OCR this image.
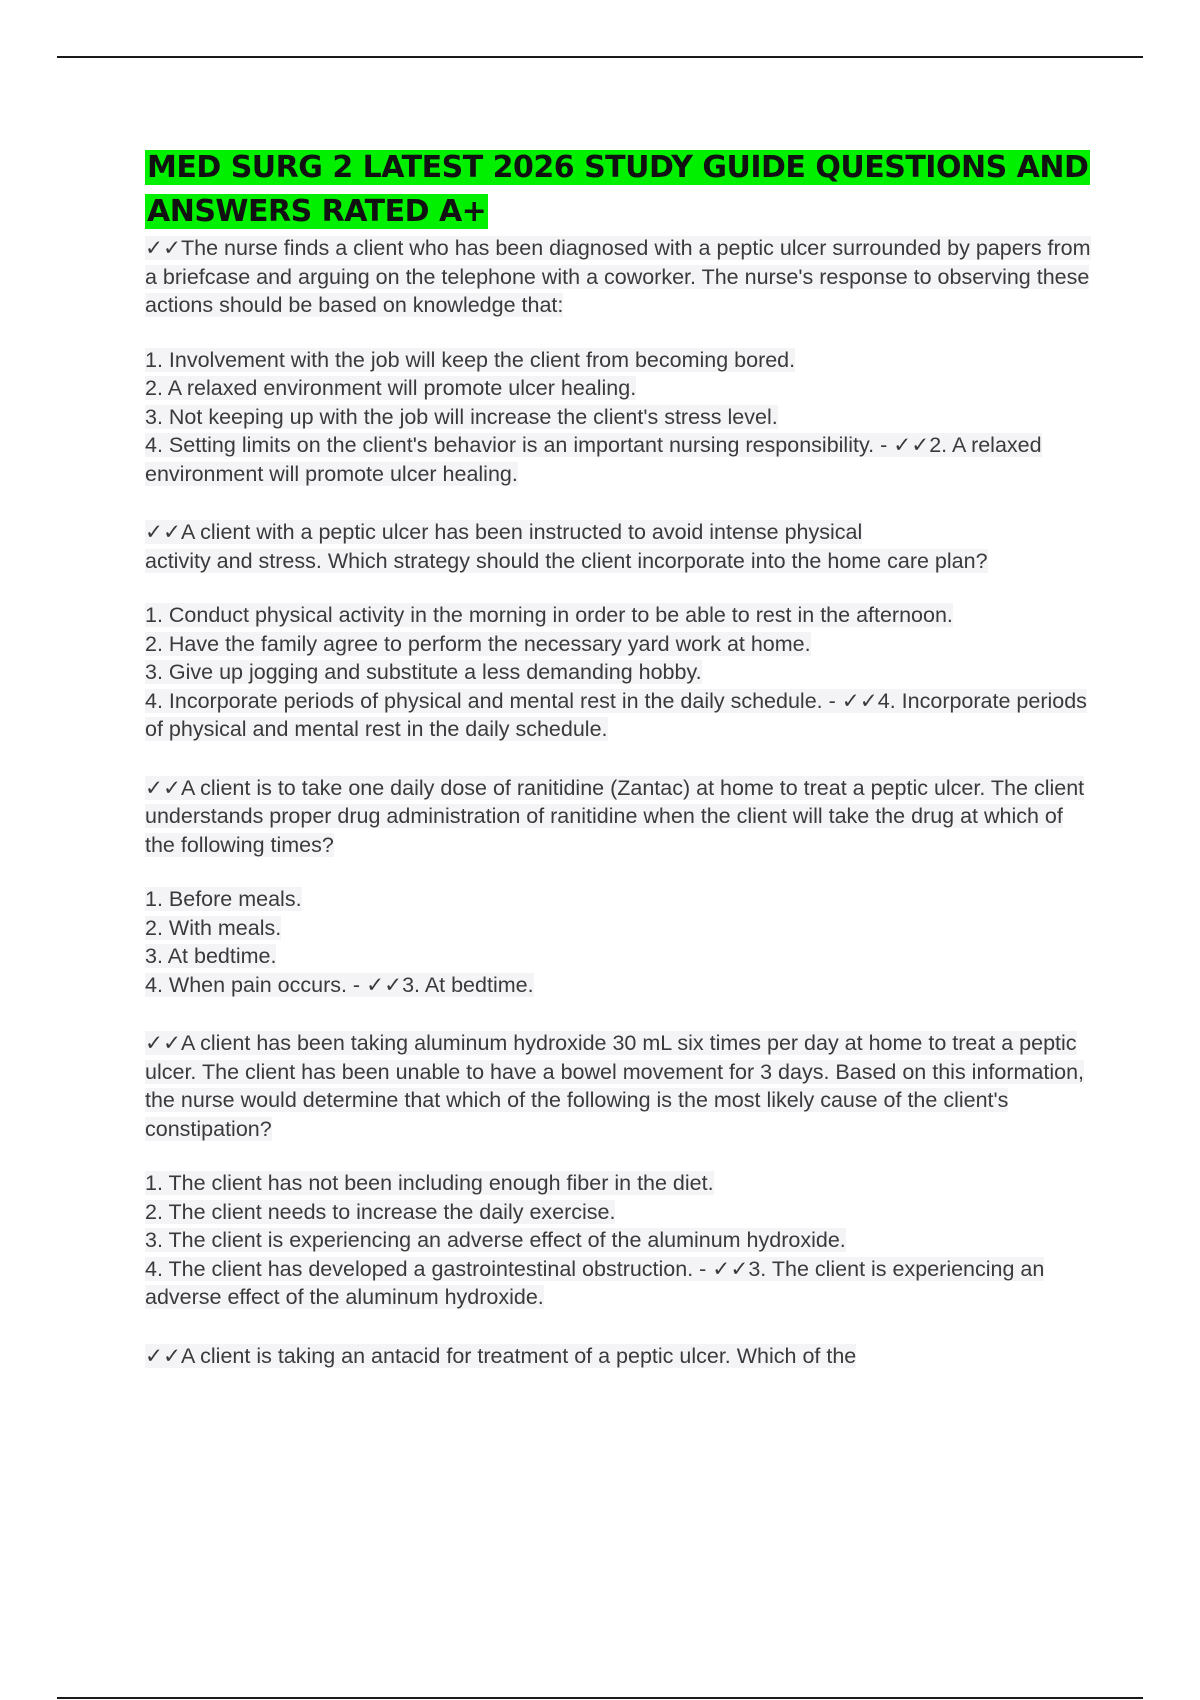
MED SURG 2 LATEST 2026 STUDY GUIDE QUESTIONS AND ANSWERS RATED A+

✓✓The nurse finds a client who has been diagnosed with a peptic ulcer surrounded by papers from a briefcase and arguing on the telephone with a coworker. The nurse's response to observing these actions should be based on knowledge that:

1. Involvement with the job will keep the client from becoming bored.
2. A relaxed environment will promote ulcer healing.
3. Not keeping up with the job will increase the client's stress level.
4. Setting limits on the client's behavior is an important nursing responsibility. - ✓✓2. A relaxed environment will promote ulcer healing.

✓✓A client with a peptic ulcer has been instructed to avoid intense physical
activity and stress. Which strategy should the client incorporate into the home care plan?

1. Conduct physical activity in the morning in order to be able to rest in the afternoon.
2. Have the family agree to perform the necessary yard work at home.
3. Give up jogging and substitute a less demanding hobby.
4. Incorporate periods of physical and mental rest in the daily schedule. - ✓✓4. Incorporate periods of physical and mental rest in the daily schedule.

✓✓A client is to take one daily dose of ranitidine (Zantac) at home to treat a peptic ulcer. The client understands proper drug administration of ranitidine when the client will take the drug at which of the following times?

1. Before meals.
2. With meals.
3. At bedtime.
4. When pain occurs. - ✓✓3. At bedtime.

✓✓A client has been taking aluminum hydroxide 30 mL six times per day at home to treat a peptic ulcer. The client has been unable to have a bowel movement for 3 days. Based on this information, the nurse would determine that which of the following is the most likely cause of the client's constipation?

1. The client has not been including enough fiber in the diet.
2. The client needs to increase the daily exercise.
3. The client is experiencing an adverse effect of the aluminum hydroxide.
4. The client has developed a gastrointestinal obstruction. - ✓✓3. The client is experiencing an adverse effect of the aluminum hydroxide.

✓✓A client is taking an antacid for treatment of a peptic ulcer. Which of the
